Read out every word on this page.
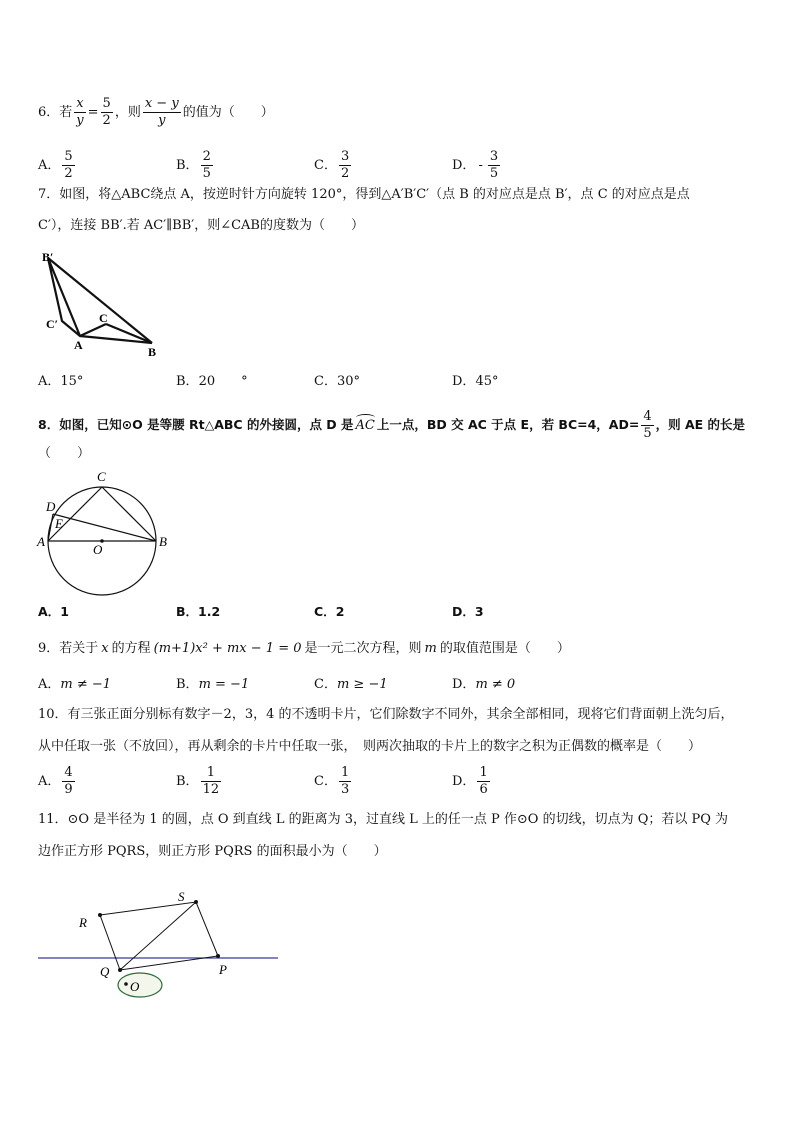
6．若 $\frac{x}{y} = \frac{5}{2}$ ，则 $\frac{x - y}{y}$ 的值为（　　）
A． $\frac{5}{2}$	B． $\frac{2}{5}$	C． $\frac{3}{2}$	D． - $\frac{3}{5}$
7．如图，将△ABC绕点 A，按逆时针方向旋转 120°，得到△A′B′C′（点 B 的对应点是点 B′，点 C 的对应点是点
C′），连接 BB′.若 AC′∥BB′，则∠CAB的度数为（　　）
B′
C′	C
A	B
A．15°	B．20　　°	C．30°	D．45°
8．如图，已知⊙O 是等腰 Rt△ABC 的外接圆，点 D 是 AC 上一点，BD 交 AC 于点 E，若 BC=4，$AD= \frac{4}{5}$ ，则 AE 的长是
（　　）
C
D
E
A
O
B
A．1	B．1.2	C．2	D．3
9．若关于 x 的方程 (m+1)x² + mx − 1 = 0 是一元二次方程，则 m 的取值范围是（　　）
A．m ≠ −1	B．m = −1	C．m ≥ −1	D．m ≠ 0
10．有三张正面分别标有数字－2，3，4 的不透明卡片，它们除数字不同外，其余全部相同，现将它们背面朝上洗匀后，
从中任取一张（不放回），再从剩余的卡片中任取一张，　则两次抽取的卡片上的数字之积为正偶数的概率是（　　）
A． $\frac{4}{9}$	B． $\frac{1}{12}$	C． $\frac{1}{3}$	D． $\frac{1}{6}$
11．⊙O 是半径为 1 的圆，点 O 到直线 L 的距离为 3，过直线 L 上的任一点 P 作⊙O 的切线，切点为 Q；若以 PQ 为
边作正方形 PQRS，则正方形 PQRS 的面积最小为（　　）
S
R
Q	P
O
